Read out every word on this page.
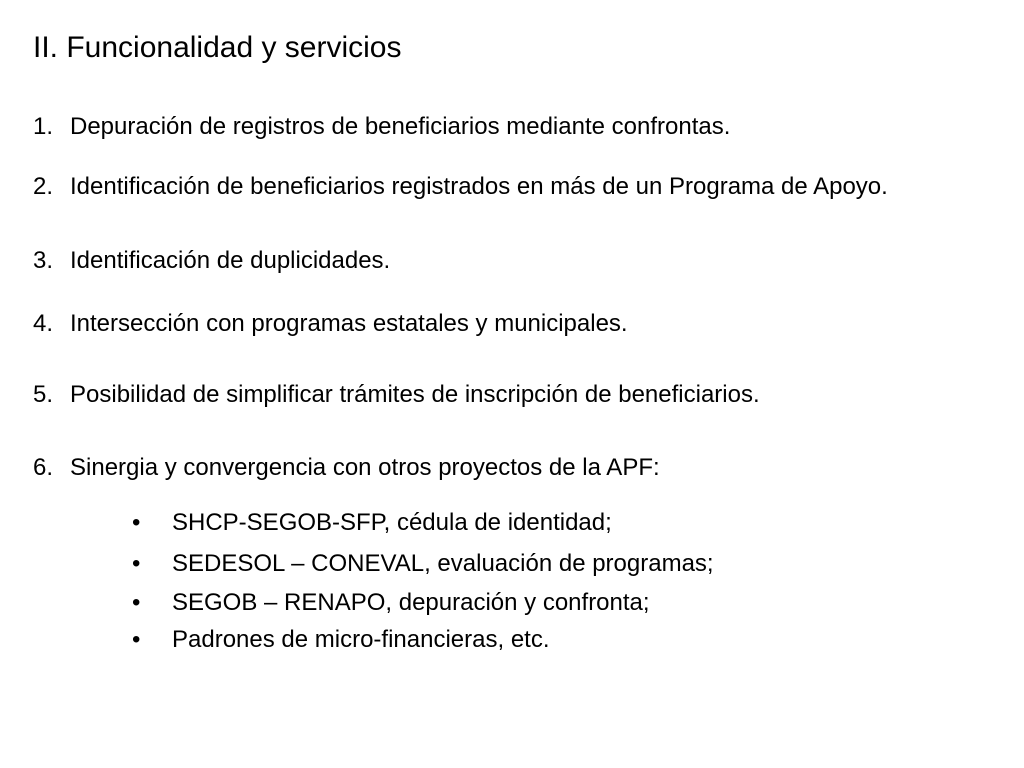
II. Funcionalidad y servicios
1. Depuración de registros de beneficiarios mediante confrontas.
2. Identificación de beneficiarios registrados en más de un Programa de Apoyo.
3. Identificación de duplicidades.
4. Intersección con programas estatales y municipales.
5. Posibilidad de simplificar trámites de inscripción de beneficiarios.
6. Sinergia y convergencia con otros proyectos de la APF:
• SHCP-SEGOB-SFP, cédula de identidad;
• SEDESOL – CONEVAL, evaluación de programas;
• SEGOB – RENAPO, depuración y confronta;
• Padrones de micro-financieras, etc.
